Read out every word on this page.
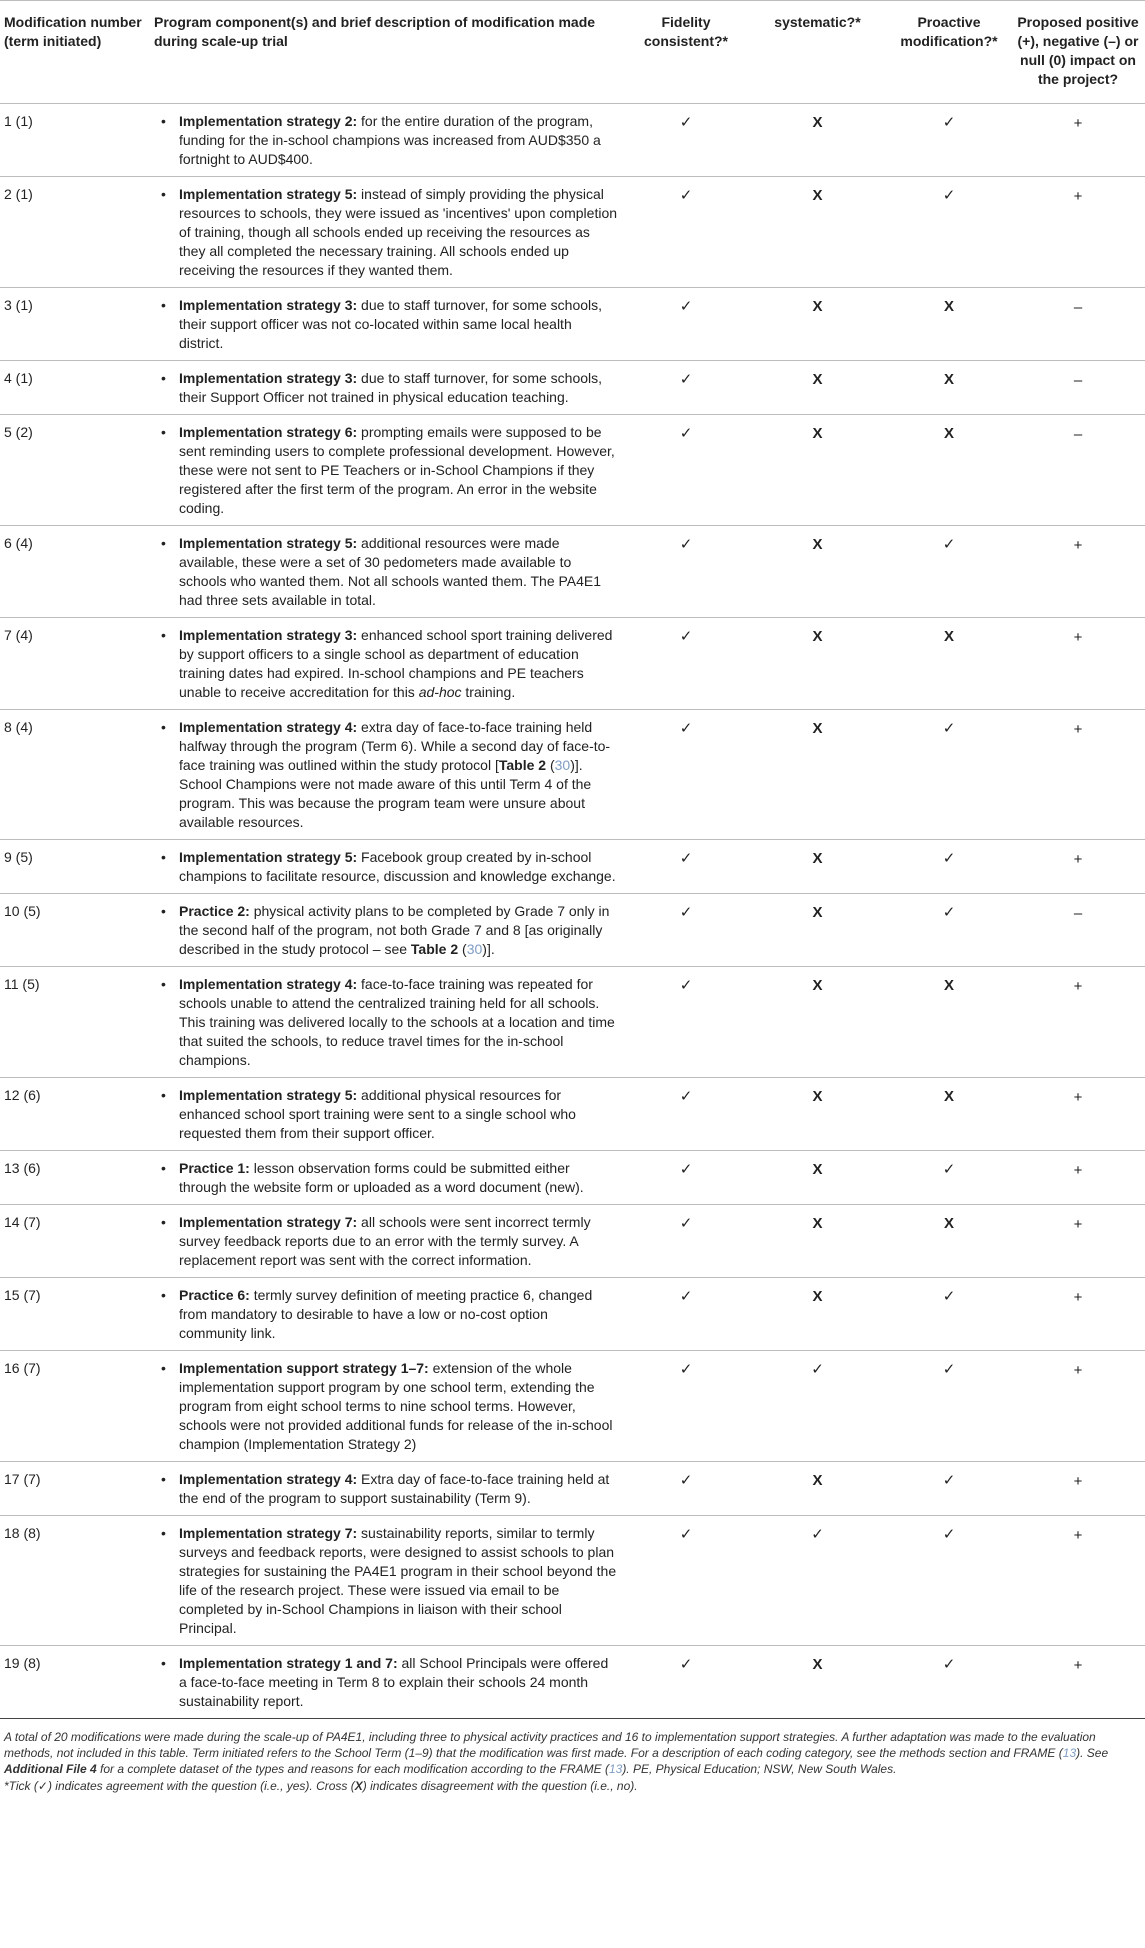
Modification number (term initiated)	Program component(s) and brief description of modification made during scale-up trial	Fidelity consistent?*	systematic?*	Proactive modification?*	Proposed positive (+), negative (–) or null (0) impact on the project?
1 (1)	• Implementation strategy 2: for the entire duration of the program, funding for the in-school champions was increased from AUD$350 a fortnight to AUD$400.	✓	X	✓	+
2 (1)	• Implementation strategy 5: instead of simply providing the physical resources to schools, they were issued as 'incentives' upon completion of training, though all schools ended up receiving the resources as they all completed the necessary training. All schools ended up receiving the resources if they wanted them.	✓	X	✓	+
3 (1)	• Implementation strategy 3: due to staff turnover, for some schools, their support officer was not co-located within same local health district.	✓	X	X	–
4 (1)	• Implementation strategy 3: due to staff turnover, for some schools, their Support Officer not trained in physical education teaching.	✓	X	X	–
5 (2)	• Implementation strategy 6: prompting emails were supposed to be sent reminding users to complete professional development. However, these were not sent to PE Teachers or in-School Champions if they registered after the first term of the program. An error in the website coding.	✓	X	X	–
6 (4)	• Implementation strategy 5: additional resources were made available, these were a set of 30 pedometers made available to schools who wanted them. Not all schools wanted them. The PA4E1 had three sets available in total.	✓	X	✓	+
7 (4)	• Implementation strategy 3: enhanced school sport training delivered by support officers to a single school as department of education training dates had expired. In-school champions and PE teachers unable to receive accreditation for this ad-hoc training.	✓	X	X	+
8 (4)	• Implementation strategy 4: extra day of face-to-face training held halfway through the program (Term 6). While a second day of face-to-face training was outlined within the study protocol [Table 2 (30)]. School Champions were not made aware of this until Term 4 of the program. This was because the program team were unsure about available resources.	✓	X	✓	+
9 (5)	• Implementation strategy 5: Facebook group created by in-school champions to facilitate resource, discussion and knowledge exchange.	✓	X	✓	+
10 (5)	• Practice 2: physical activity plans to be completed by Grade 7 only in the second half of the program, not both Grade 7 and 8 [as originally described in the study protocol – see Table 2 (30)].	✓	X	✓	–
11 (5)	• Implementation strategy 4: face-to-face training was repeated for schools unable to attend the centralized training held for all schools. This training was delivered locally to the schools at a location and time that suited the schools, to reduce travel times for the in-school champions.	✓	X	X	+
12 (6)	• Implementation strategy 5: additional physical resources for enhanced school sport training were sent to a single school who requested them from their support officer.	✓	X	X	+
13 (6)	• Practice 1: lesson observation forms could be submitted either through the website form or uploaded as a word document (new).	✓	X	✓	+
14 (7)	• Implementation strategy 7: all schools were sent incorrect termly survey feedback reports due to an error with the termly survey. A replacement report was sent with the correct information.	✓	X	X	+
15 (7)	• Practice 6: termly survey definition of meeting practice 6, changed from mandatory to desirable to have a low or no-cost option community link.	✓	X	✓	+
16 (7)	• Implementation support strategy 1–7: extension of the whole implementation support program by one school term, extending the program from eight school terms to nine school terms. However, schools were not provided additional funds for release of the in-school champion (Implementation Strategy 2)	✓	✓	✓	+
17 (7)	• Implementation strategy 4: Extra day of face-to-face training held at the end of the program to support sustainability (Term 9).	✓	X	✓	+
18 (8)	• Implementation strategy 7: sustainability reports, similar to termly surveys and feedback reports, were designed to assist schools to plan strategies for sustaining the PA4E1 program in their school beyond the life of the research project. These were issued via email to be completed by in-School Champions in liaison with their school Principal.	✓	✓	✓	+
19 (8)	• Implementation strategy 1 and 7: all School Principals were offered a face-to-face meeting in Term 8 to explain their schools 24 month sustainability report.	✓	X	✓	+

A total of 20 modifications were made during the scale-up of PA4E1, including three to physical activity practices and 16 to implementation support strategies. A further adaptation was made to the evaluation methods, not included in this table. Term initiated refers to the School Term (1–9) that the modification was first made. For a description of each coding category, see the methods section and FRAME (13). See Additional File 4 for a complete dataset of the types and reasons for each modification according to the FRAME (13). PE, Physical Education; NSW, New South Wales.

*Tick (✓) indicates agreement with the question (i.e., yes). Cross (X) indicates disagreement with the question (i.e., no).
